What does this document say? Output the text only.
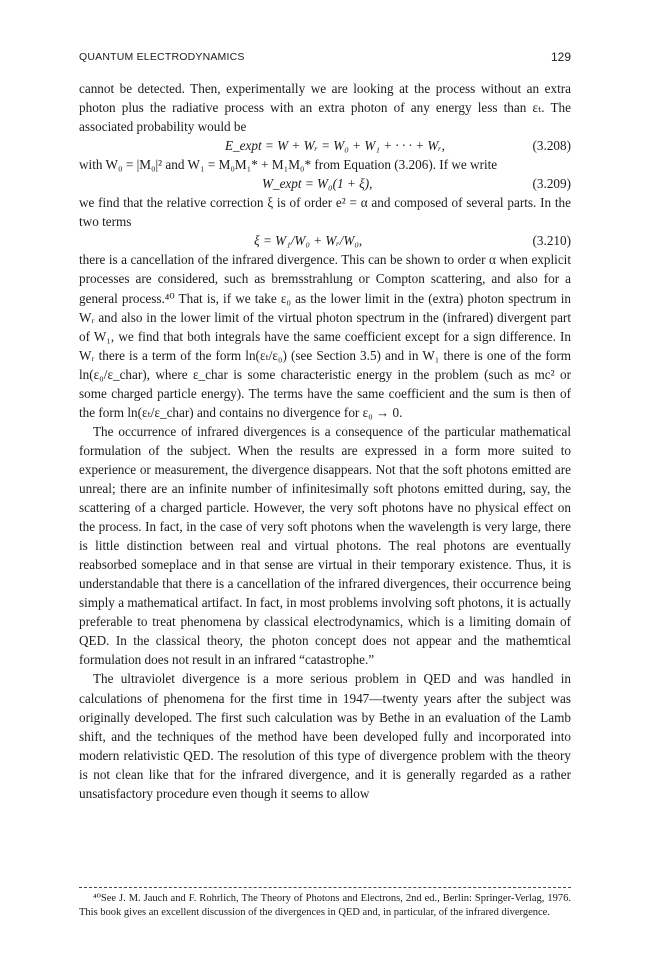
QUANTUM ELECTRODYNAMICS	129

cannot be detected. Then, experimentally we are looking at the process without an extra photon plus the radiative process with an extra photon of any energy less than εₜ. The associated probability would be

E_expt = W + Wᵣ = W₀ + W₁ + · · · + Wᵣ,	(3.208)

with W₀ = |M₀|² and W₁ = M₀M₁* + M₁M₀* from Equation (3.206). If we write

W_expt = W₀(1 + ξ),	(3.209)

we find that the relative correction ξ is of order e² = α and composed of several parts. In the two terms

ξ = W₁/W₀ + Wᵣ/W₀,	(3.210)

there is a cancellation of the infrared divergence. This can be shown to order α when explicit processes are considered, such as bremsstrahlung or Compton scattering, and also for a general process.⁴⁰ That is, if we take ε₀ as the lower limit in the (extra) photon spectrum in Wᵣ and also in the lower limit of the virtual photon spectrum in the (infrared) divergent part of W₁, we find that both integrals have the same coefficient except for a sign difference. In Wᵣ there is a term of the form ln(εₜ/ε₀) (see Section 3.5) and in W₁ there is one of the form ln(ε₀/ε_char), where ε_char is some characteristic energy in the problem (such as mc² or some charged particle energy). The terms have the same coefficient and the sum is then of the form ln(εₜ/ε_char) and contains no divergence for ε₀ → 0.

The occurrence of infrared divergences is a consequence of the particular mathematical formulation of the subject. When the results are expressed in a form more suited to experience or measurement, the divergence disappears. Not that the soft photons emitted are unreal; there are an infinite number of infinitesimally soft photons emitted during, say, the scattering of a charged particle. However, the very soft photons have no physical effect on the process. In fact, in the case of very soft photons when the wavelength is very large, there is little distinction between real and virtual photons. The real photons are eventually reabsorbed someplace and in that sense are virtual in their temporary existence. Thus, it is understandable that there is a cancellation of the infrared divergences, their occurrence being simply a mathematical artifact. In fact, in most problems involving soft photons, it is actually preferable to treat phenomena by classical electrodynamics, which is a limiting domain of QED. In the classical theory, the photon concept does not appear and the mathemtical formulation does not result in an infrared “catastrophe.”

The ultraviolet divergence is a more serious problem in QED and was handled in calculations of phenomena for the first time in 1947—twenty years after the subject was originally developed. The first such calculation was by Bethe in an evaluation of the Lamb shift, and the techniques of the method have been developed fully and incorporated into modern relativistic QED. The resolution of this type of divergence problem with the theory is not clean like that for the infrared divergence, and it is generally regarded as a rather unsatisfactory procedure even though it seems to allow

⁴⁰See J. M. Jauch and F. Rohrlich, The Theory of Photons and Electrons, 2nd ed., Berlin: Springer-Verlag, 1976. This book gives an excellent discussion of the divergences in QED and, in particular, of the infrared divergence.
